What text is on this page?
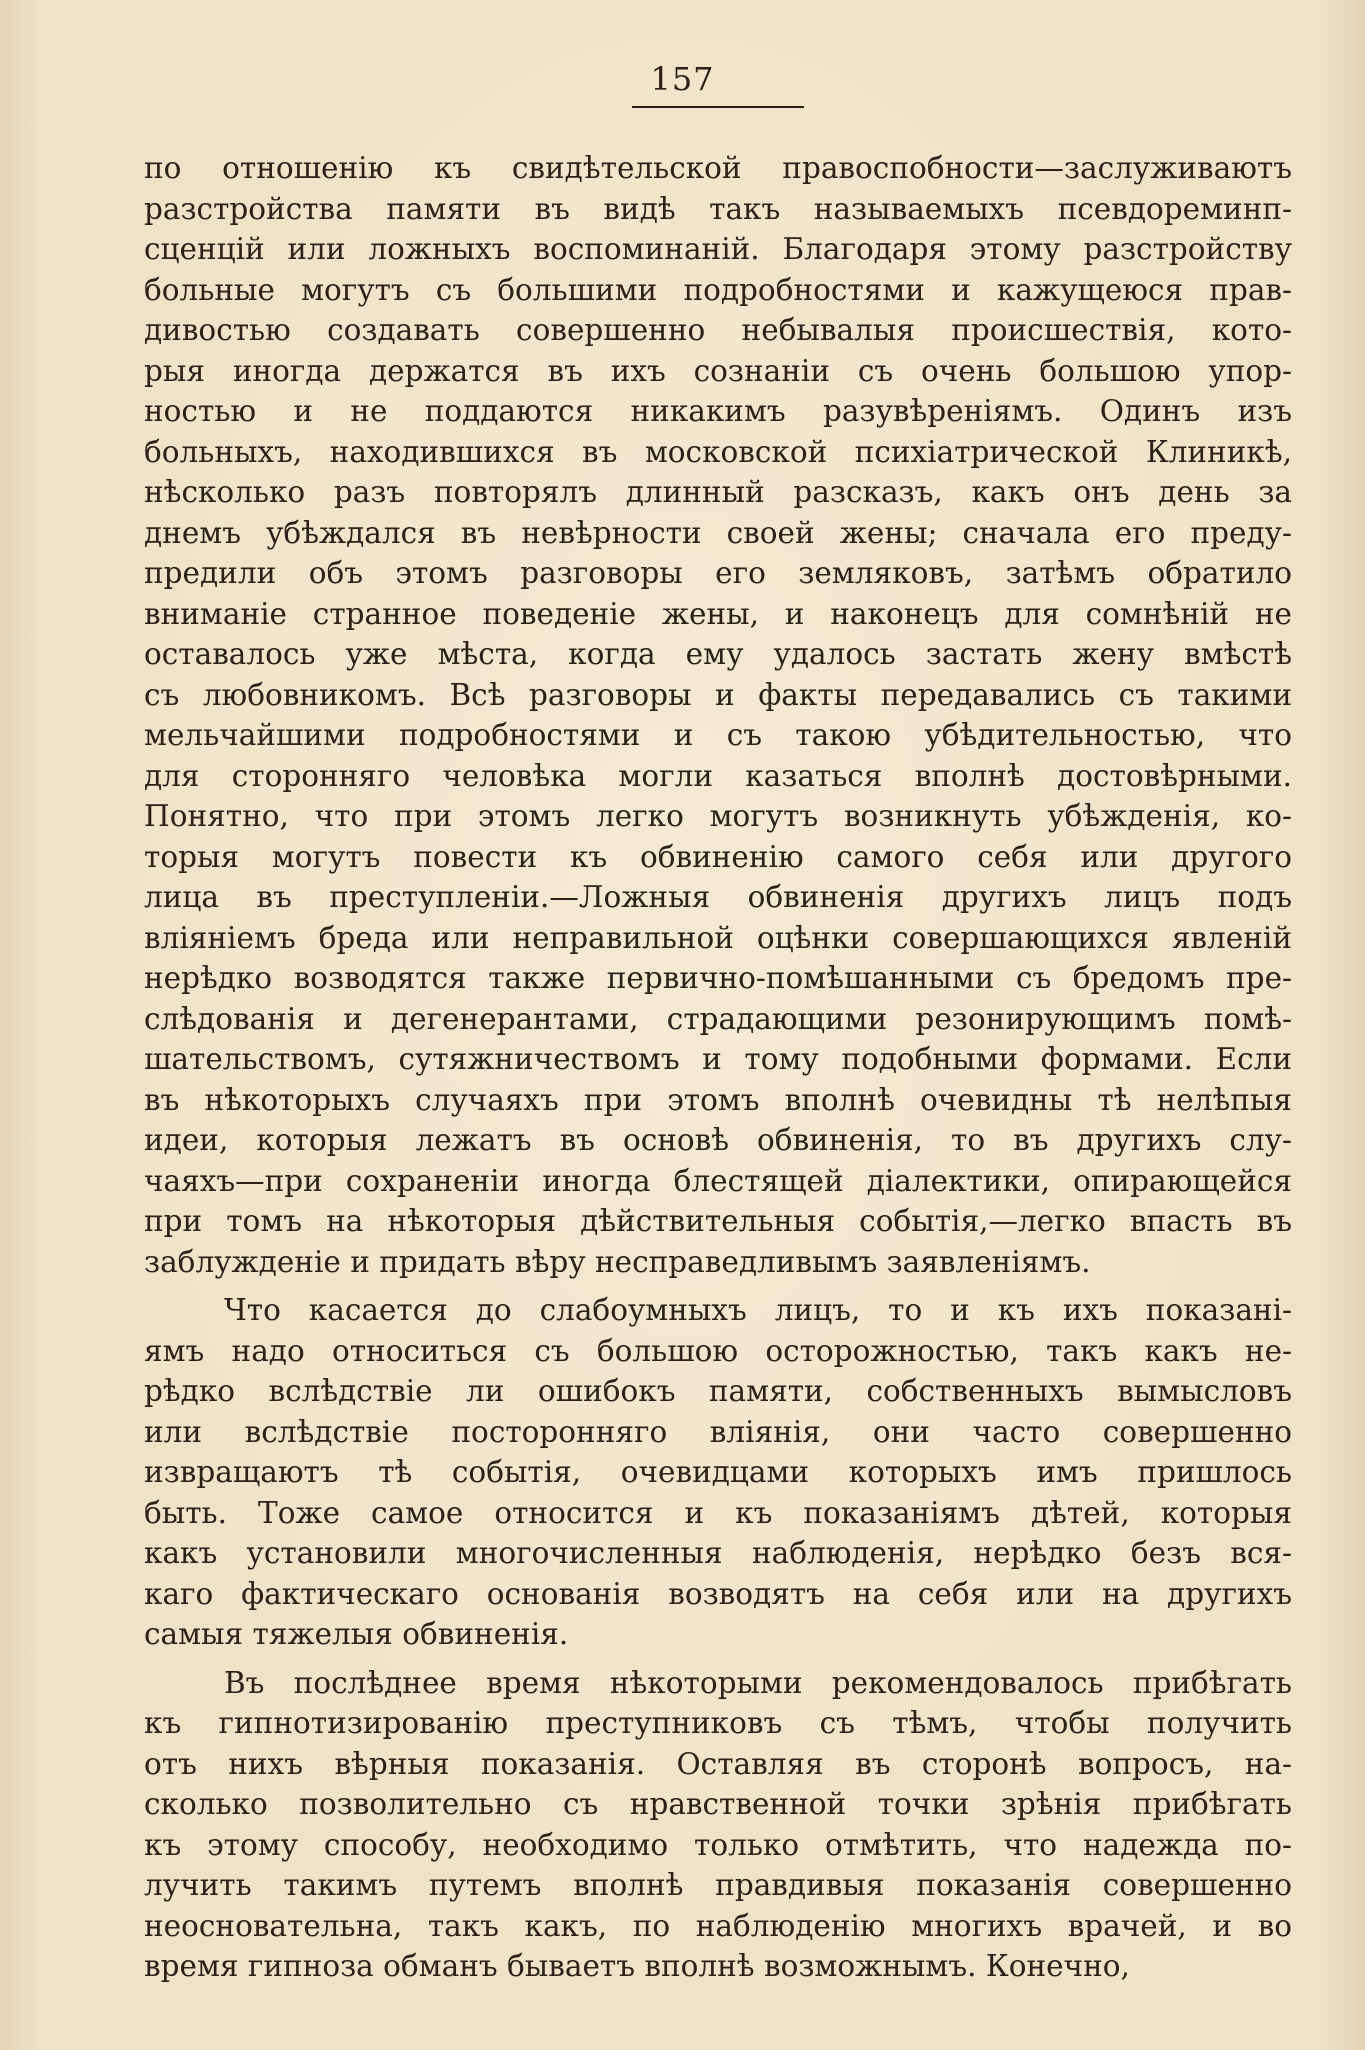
157
по отношенію къ свидѣтельской правоспобности—заслуживаютъ
разстройства памяти въ видѣ такъ называемыхъ псевдореминп-
сценцій или ложныхъ воспоминаній. Благодаря этому разстройству
больные могутъ съ большими подробностями и кажущеюся прав-
дивостью создавать совершенно небывалыя происшествія, кото-
рыя иногда держатся въ ихъ сознаніи съ очень большою упор-
ностью и не поддаются никакимъ разувѣреніямъ. Одинъ изъ
больныхъ, находившихся въ московской психіатрической Клиникѣ,
нѣсколько разъ повторялъ длинный разсказъ, какъ онъ день за
днемъ убѣждался въ невѣрности своей жены; сначала его преду-
предили объ этомъ разговоры его земляковъ, затѣмъ обратило
вниманіе странное поведеніе жены, и наконецъ для сомнѣній не
оставалось уже мѣста, когда ему удалось застать жену вмѣстѣ
съ любовникомъ. Всѣ разговоры и факты передавались съ такими
мельчайшими подробностями и съ такою убѣдительностью, что
для сторонняго человѣка могли казаться вполнѣ достовѣрными.
Понятно, что при этомъ легко могутъ возникнуть убѣжденія, ко-
торыя могутъ повести къ обвиненію самого себя или другого
лица въ преступленіи.—Ложныя обвиненія другихъ лицъ подъ
вліяніемъ бреда или неправильной оцѣнки совершающихся явленій
нерѣдко возводятся также первично-помѣшанными съ бредомъ пре-
слѣдованія и дегенерантами, страдающими резонирующимъ помѣ-
шательствомъ, сутяжничествомъ и тому подобными формами. Если
въ нѣкоторыхъ случаяхъ при этомъ вполнѣ очевидны тѣ нелѣпыя
идеи, которыя лежатъ въ основѣ обвиненія, то въ другихъ слу-
чаяхъ—при сохраненіи иногда блестящей діалектики, опирающейся
при томъ на нѣкоторыя дѣйствительныя событія,—легко впасть въ
заблужденіе и придать вѣру несправедливымъ заявленіямъ.
Что касается до слабоумныхъ лицъ, то и къ ихъ показані-
ямъ надо относиться съ большою осторожностью, такъ какъ не-
рѣдко вслѣдствіе ли ошибокъ памяти, собственныхъ вымысловъ
или вслѣдствіе посторонняго вліянія, они часто совершенно
извращаютъ тѣ событія, очевидцами которыхъ имъ пришлось
быть. Тоже самое относится и къ показаніямъ дѣтей, которыя
какъ установили многочисленныя наблюденія, нерѣдко безъ вся-
каго фактическаго основанія возводятъ на себя или на другихъ
самыя тяжелыя обвиненія.
Въ послѣднее время нѣкоторыми рекомендовалось прибѣгать
къ гипнотизированію преступниковъ съ тѣмъ, чтобы получить
отъ нихъ вѣрныя показанія. Оставляя въ сторонѣ вопросъ, на-
сколько позволительно съ нравственной точки зрѣнія прибѣгать
къ этому способу, необходимо только отмѣтить, что надежда по-
лучить такимъ путемъ вполнѣ правдивыя показанія совершенно
неосновательна, такъ какъ, по наблюденію многихъ врачей, и во
время гипноза обманъ бываетъ вполнѣ возможнымъ. Конечно,
